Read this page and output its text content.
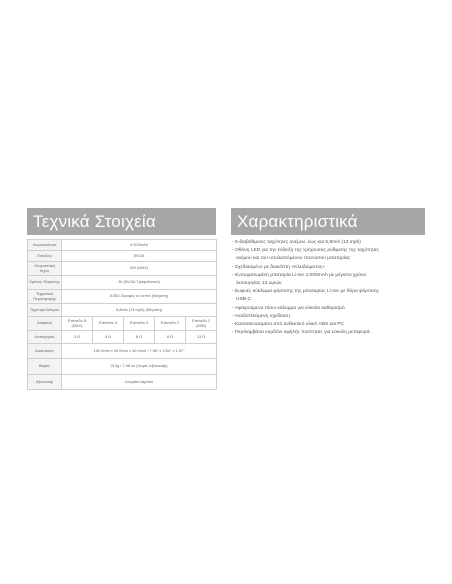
Τεχνικά Στοιχεία	Χαρακτηριστικά
Χωρητικότητα	4.000mAh				
Είσοδος	5V/2A				
Ονομαστική Ισχύς	5W (MAX)				
Χρόνος Φόρτισης	3h (5V/2A Τροφοδοτικό)				
Τερματικό Περιστροφής	5.000 Στροφές το λεπτό (Μέγιστη)				
Ταχύτητα Ανέμου	5,8m/s (13 mph) (Μέγιστη)				
Διάρκεια	Επίπεδο 5 (MAX)	Επίπεδο 4	Επίπεδο 3	Επίπεδο 2	Επίπεδο 1 (MIN)
Λειτουργίας	3 Ω	4 Ω	6 Ω	8 Ω	13 Ω
Διαστάσεις	192.0mm x 90.0mm x 40.0mm / 7.56" x 3.54" x 1.57"				
Βάρος	212g / 7.48 oz (Χωρίς Αξεσουάρ)				
Αξεσουάρ	Λουράκι καρπού				
- 5-διαβάθμισες ταχύτητες ανέμου, έως και 5,8m/s (13 mph)
- Οθόνη LED για την ένδειξη της τρέχουσας ρύθμισης της ταχύτητας
ανέμου και του υπολειπόμενου ποσοστού μπαταρίας
- Σχεδιασμένο με διακόπτη «Κλειδώματος»
- Ενσωματωμένη μπαταρία Li-ion 4.000mAh με μέγιστο χρόνο
λειτουργίας 13 ωρών
- Ευφυές κύκλωμα φόρτισης της μπαταρίας Li-Ion με θύρα φόρτισης
USB-C
- Αφαιρούμενο πίσω κάλυμμα για εύκολο καθαρισμό
- Αναδιπλούμενη σχεδίαση
- Κατασκευασμένο από ανθεκτικό υλικό ABS και PC
- Περιλαμβάνει κορδόνι υψηλής ποιότητας για εύκολη μεταφορά.
